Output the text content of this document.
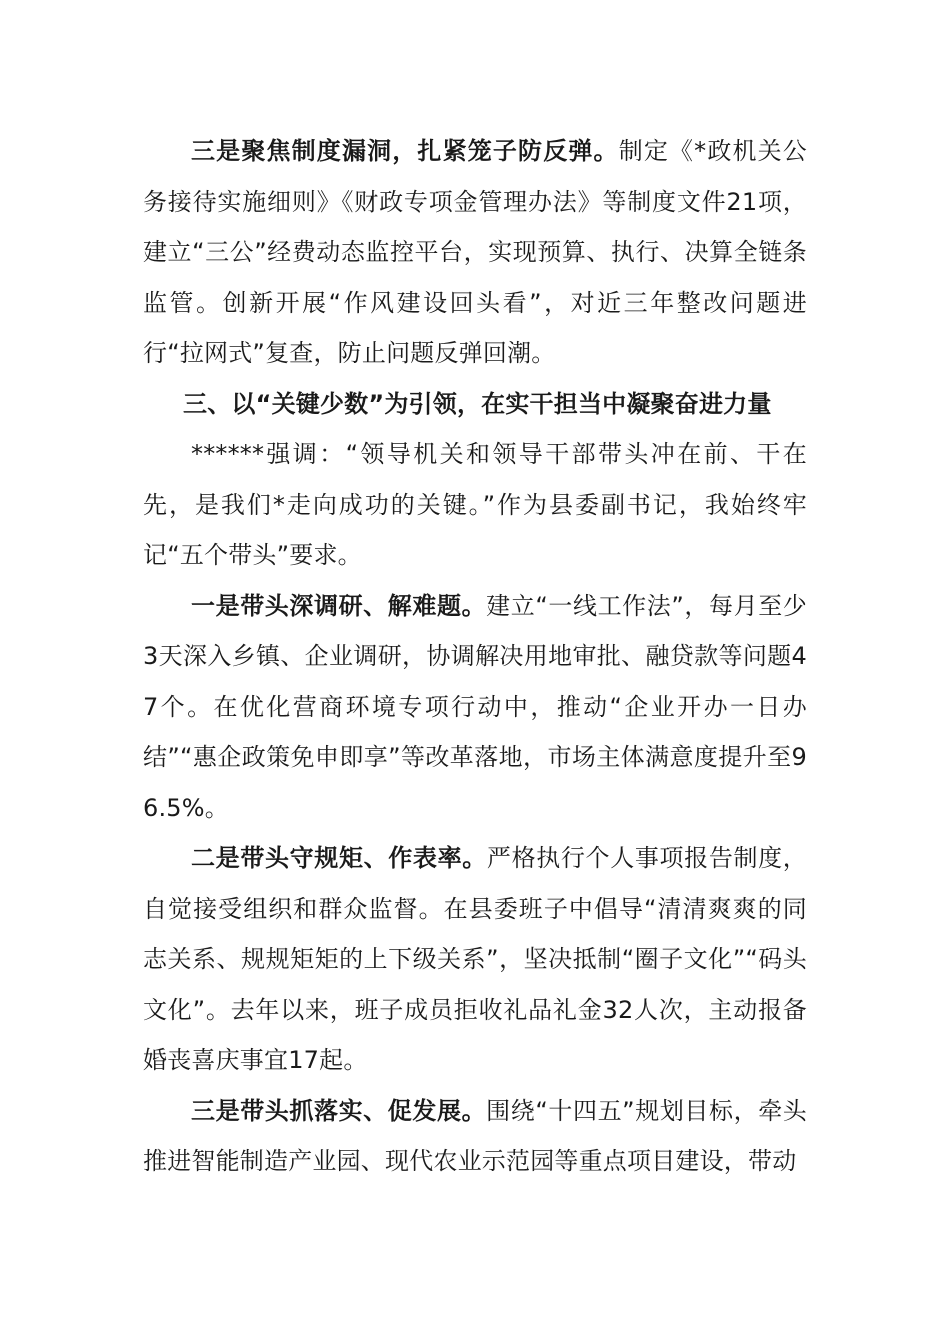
三是聚焦制度漏洞，扎紧笼子防反弹。制定《*政机关公务接待实施细则》《财政专项金管理办法》等制度文件21项，建立“三公”经费动态监控平台，实现预算、执行、决算全链条监管。创新开展“作风建设回头看”，对近三年整改问题进行“拉网式”复查，防止问题反弹回潮。

三、以“关键少数”为引领，在实干担当中凝聚奋进力量

******强调：“领导机关和领导干部带头冲在前、干在先，是我们*走向成功的关键。”作为县委副书记，我始终牢记“五个带头”要求。

一是带头深调研、解难题。建立“一线工作法”，每月至少3天深入乡镇、企业调研，协调解决用地审批、融贷款等问题47个。在优化营商环境专项行动中，推动“企业开办一日办结”“惠企政策免申即享”等改革落地，市场主体满意度提升至96.5%。

二是带头守规矩、作表率。严格执行个人事项报告制度，自觉接受组织和群众监督。在县委班子中倡导“清清爽爽的同志关系、规规矩矩的上下级关系”，坚决抵制“圈子文化”“码头文化”。去年以来，班子成员拒收礼品礼金32人次，主动报备婚丧喜庆事宜17起。

三是带头抓落实、促发展。围绕“十四五”规划目标，牵头推进智能制造产业园、现代农业示范园等重点项目建设，带动
